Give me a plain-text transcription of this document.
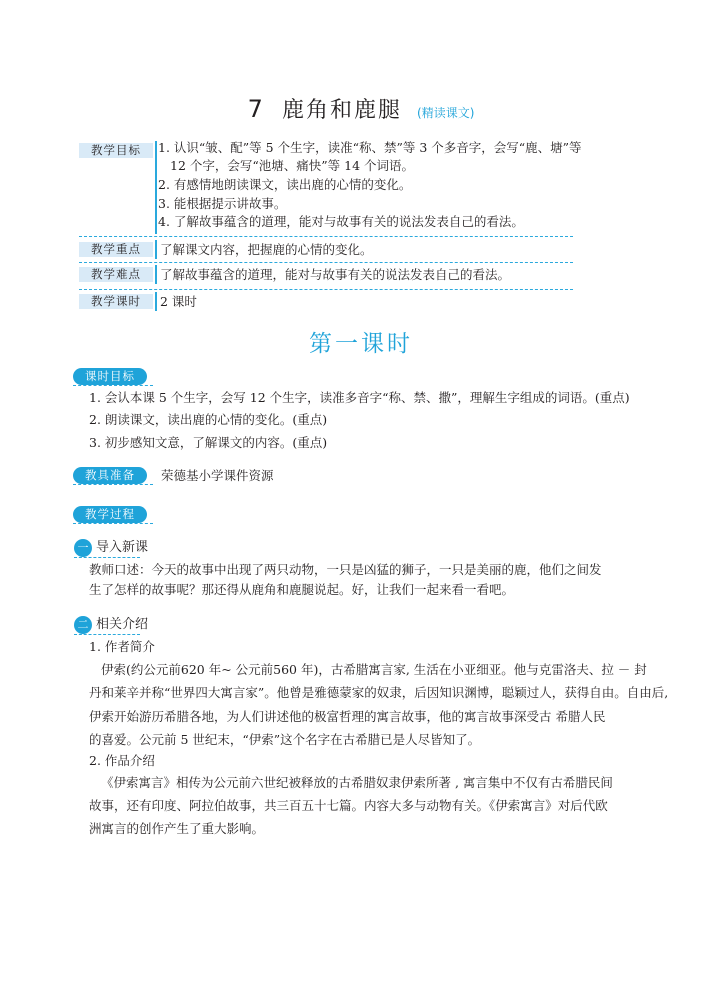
7 鹿角和鹿腿 (精读课文)
教学目标	1. 认识“皱、配”等 5 个生字，读准“称、禁”等 3 个多音字，会写“鹿、塘”等
12 个字，会写“池塘、痛快”等 14 个词语。
2. 有感情地朗读课文，读出鹿的心情的变化。
3. 能根据提示讲故事。
4. 了解故事蕴含的道理，能对与故事有关的说法发表自己的看法。
教学重点	了解课文内容，把握鹿的心情的变化。
教学难点	了解故事蕴含的道理，能对与故事有关的说法发表自己的看法。
教学课时	2 课时
第一课时
课时目标
1. 会认本课 5 个生字，会写 12 个生字，读准多音字“称、禁、撒”，理解生字组成的词语。(重点)
2. 朗读课文，读出鹿的心情的变化。(重点)
3. 初步感知文意，了解课文的内容。(重点)
教具准备	荣德基小学课件资源
教学过程
一 导入新课
教师口述：今天的故事中出现了两只动物，一只是凶猛的狮子，一只是美丽的鹿，他们之间发
生了怎样的故事呢？那还得从鹿角和鹿腿说起。好，让我们一起来看一看吧。
二 相关介绍
1. 作者简介
伊索(约公元前620 年~ 公元前560 年)，古希腊寓言家, 生活在小亚细亚。他与克雷洛夫、拉 － 封
丹和莱辛并称“世界四大寓言家”。他曾是雅德蒙家的奴隶，后因知识渊博，聪颖过人，获得自由。自由后,
伊索开始游历希腊各地，为人们讲述他的极富哲理的寓言故事，他的寓言故事深受古 希腊人民
的喜爱。公元前 5 世纪末，“伊索”这个名字在古希腊已是人尽皆知了。
2. 作品介绍
《伊索寓言》相传为公元前六世纪被释放的古希腊奴隶伊索所著 , 寓言集中不仅有古希腊民间
故事，还有印度、阿拉伯故事，共三百五十七篇。内容大多与动物有关。《伊索寓言》对后代欧
洲寓言的创作产生了重大影响。
